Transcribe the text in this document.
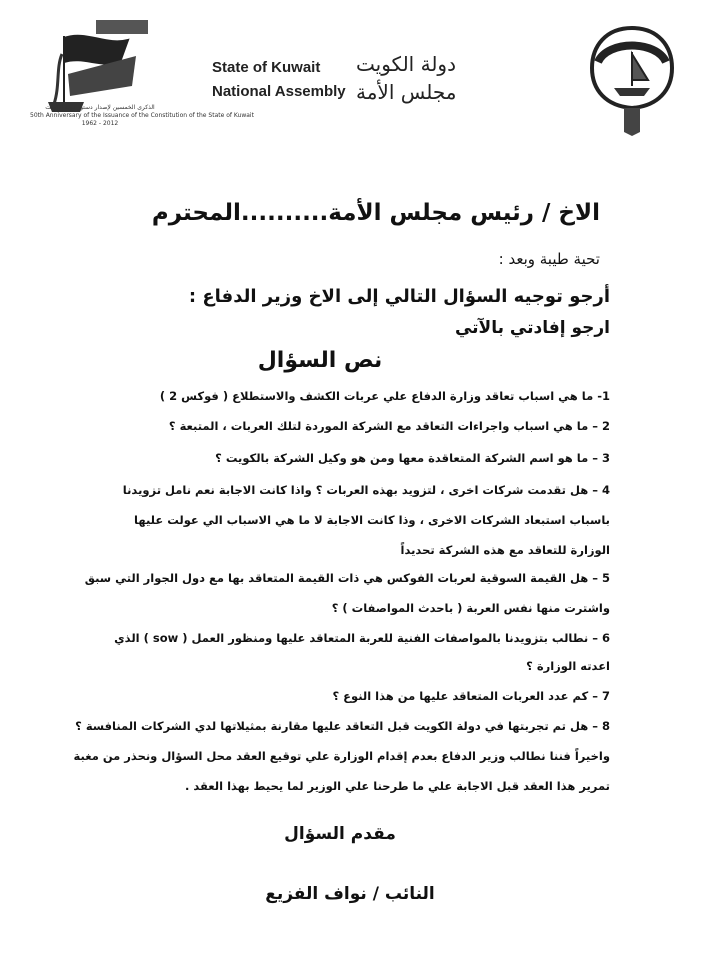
الذكرى الخمسين لإصدار دستور دولة الكويت
50th Anniversary of the Issuance of the Constitution of the State of Kuwait
1962 - 2012
State of Kuwait
National Assembly
دولة الكويت
مجلس الأمة
الاخ / رئيس مجلس الأمة..........المحترم
تحية طيبة وبعد :
أرجو توجيه السؤال التالي إلى الاخ وزير الدفاع :
ارجو إفادتي بالآتي
نص السؤال
1- ما هي اسباب تعاقد وزارة الدفاع علي عربات الكشف والاستطلاع ( فوكس 2 )
2 – ما هي اسباب واجراءات التعاقد مع الشركة الموردة لتلك العربات ، المتبعة ؟
3 – ما هو اسم الشركة المتعاقدة معها ومن هو وكيل الشركة بالكويت ؟
4 – هل تقدمت شركات اخرى ، لتزويد بهذه العربات ؟ واذا كانت الاجابة نعم نامل تزويدنا
باسباب استبعاد الشركات الاخرى ، وذا كانت الاجابة لا ما هي الاسباب الي عولت عليها
الوزارة للتعاقد مع هذه الشركة تحديداً
5 – هل القيمة السوقية لعربات الفوكس هي ذات القيمة المتعاقد بها مع دول الجوار التي سبق
واشترت منها نفس العربة ( باحدث المواصفات ) ؟
6 – نطالب بتزويدنا بالمواصفات الفنية للعربة المتعاقد عليها ومنظور العمل ( sow ) الذي
اعدته الوزارة ؟
7 – كم عدد العربات المتعاقد عليها من هذا النوع ؟
8 – هل تم تجربتها في دولة الكويت قبل التعاقد عليها مقارنة بمثيلاتها لدي الشركات المنافسة ؟
واخيراً فننا نطالب وزير الدفاع بعدم إقدام الوزارة علي توقيع العقد محل السؤال ونحذر من مغبة
تمرير هذا العقد قبل الاجابة علي ما طرحنا علي الوزير لما يحيط بهذا العقد .
مقدم السؤال
النائب / نواف الفزيع
